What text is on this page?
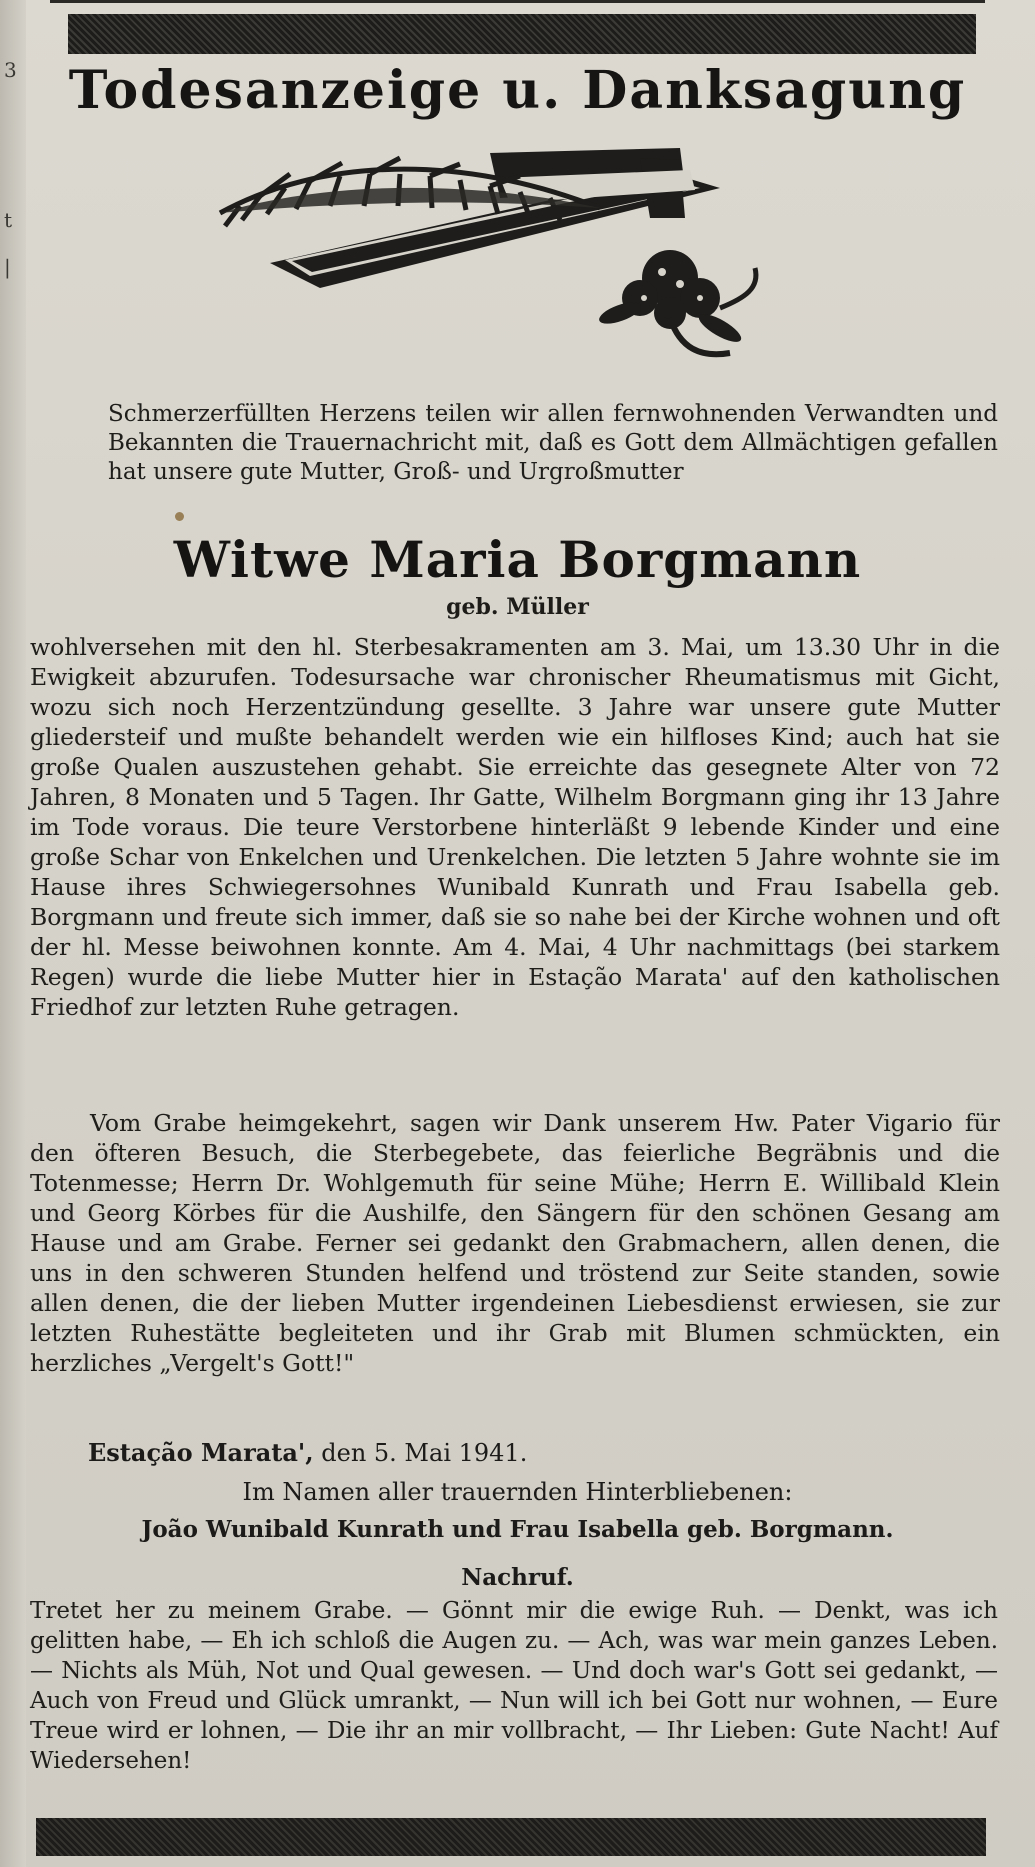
3
t
|
Todesanzeige u. Danksagung
Schmerzerfüllten Herzens teilen wir allen fernwohnenden Verwandten und Bekannten die Trauernachricht mit, daß es Gott dem Allmächtigen gefallen hat unsere gute Mutter, Groß- und Urgroßmutter
Witwe Maria Borgmann
geb. Müller
wohlversehen mit den hl. Sterbesakramenten am 3. Mai, um 13.30 Uhr in die Ewigkeit abzurufen. Todesursache war chronischer Rheumatismus mit Gicht, wozu sich noch Herzentzündung gesellte. 3 Jahre war unsere gute Mutter gliedersteif und mußte behandelt werden wie ein hilfloses Kind; auch hat sie große Qualen auszustehen gehabt. Sie erreichte das gesegnete Alter von 72 Jahren, 8 Monaten und 5 Tagen. Ihr Gatte, Wilhelm Borgmann ging ihr 13 Jahre im Tode voraus. Die teure Verstorbene hinterläßt 9 lebende Kinder und eine große Schar von Enkelchen und Urenkelchen. Die letzten 5 Jahre wohnte sie im Hause ihres Schwiegersohnes Wunibald Kunrath und Frau Isabella geb. Borgmann und freute sich immer, daß sie so nahe bei der Kirche wohnen und oft der hl. Messe beiwohnen konnte. Am 4. Mai, 4 Uhr nachmittags (bei starkem Regen) wurde die liebe Mutter hier in Estação Marata' auf den katholischen Friedhof zur letzten Ruhe getragen.
Vom Grabe heimgekehrt, sagen wir Dank unserem Hw. Pater Vigario für den öfteren Besuch, die Sterbegebete, das feierliche Begräbnis und die Totenmesse; Herrn Dr. Wohlgemuth für seine Mühe; Herrn E. Willibald Klein und Georg Körbes für die Aushilfe, den Sängern für den schönen Gesang am Hause und am Grabe. Ferner sei gedankt den Grabmachern, allen denen, die uns in den schweren Stunden helfend und tröstend zur Seite standen, sowie allen denen, die der lieben Mutter irgendeinen Liebesdienst erwiesen, sie zur letzten Ruhestätte begleiteten und ihr Grab mit Blumen schmückten, ein herzliches „Vergelt's Gott!"
Estação Marata', den 5. Mai 1941.
Im Namen aller trauernden Hinterbliebenen:
João Wunibald Kunrath und Frau Isabella geb. Borgmann.
Nachruf.
Tretet her zu meinem Grabe. — Gönnt mir die ewige Ruh. — Denkt, was ich gelitten habe, — Eh ich schloß die Augen zu. — Ach, was war mein ganzes Leben. — Nichts als Müh, Not und Qual gewesen. — Und doch war's Gott sei gedankt, — Auch von Freud und Glück umrankt, — Nun will ich bei Gott nur wohnen, — Eure Treue wird er lohnen, — Die ihr an mir vollbracht, — Ihr Lieben: Gute Nacht! Auf Wiedersehen!
